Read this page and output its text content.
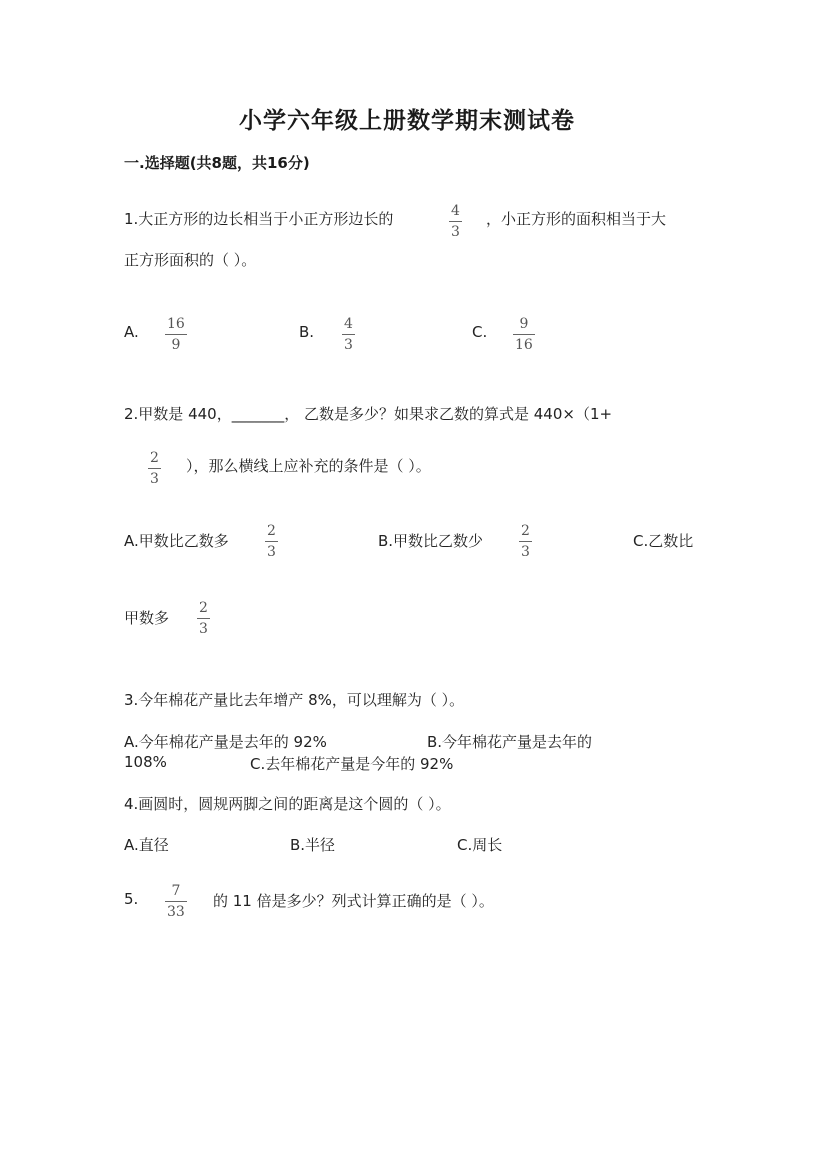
小学六年级上册数学期末测试卷
一.选择题(共8题，共16分)
1.大正方形的边长相当于小正方形边长的	4
3
，小正方形的面积相当于大
正方形面积的（ ）。
A. 16
9
B. 4
3
C. 9
16
2.甲数是 440，_______， 乙数是多少？如果求乙数的算式是 440×（1+
2
3
），那么横线上应补充的条件是（ ）。
A.甲数比乙数多
2
3
B.甲数比乙数少
2
3
C.乙数比
甲数多
2
3
3.今年棉花产量比去年增产 8%，可以理解为（ ）。
A.今年棉花产量是去年的 92%	B.今年棉花产量是去年的
108%	C.去年棉花产量是今年的 92%
4.画圆时，圆规两脚之间的距离是这个圆的（ ）。
A.直径	B.半径	C.周长
5. 7
33
的 11 倍是多少？列式计算正确的是（ ）。
